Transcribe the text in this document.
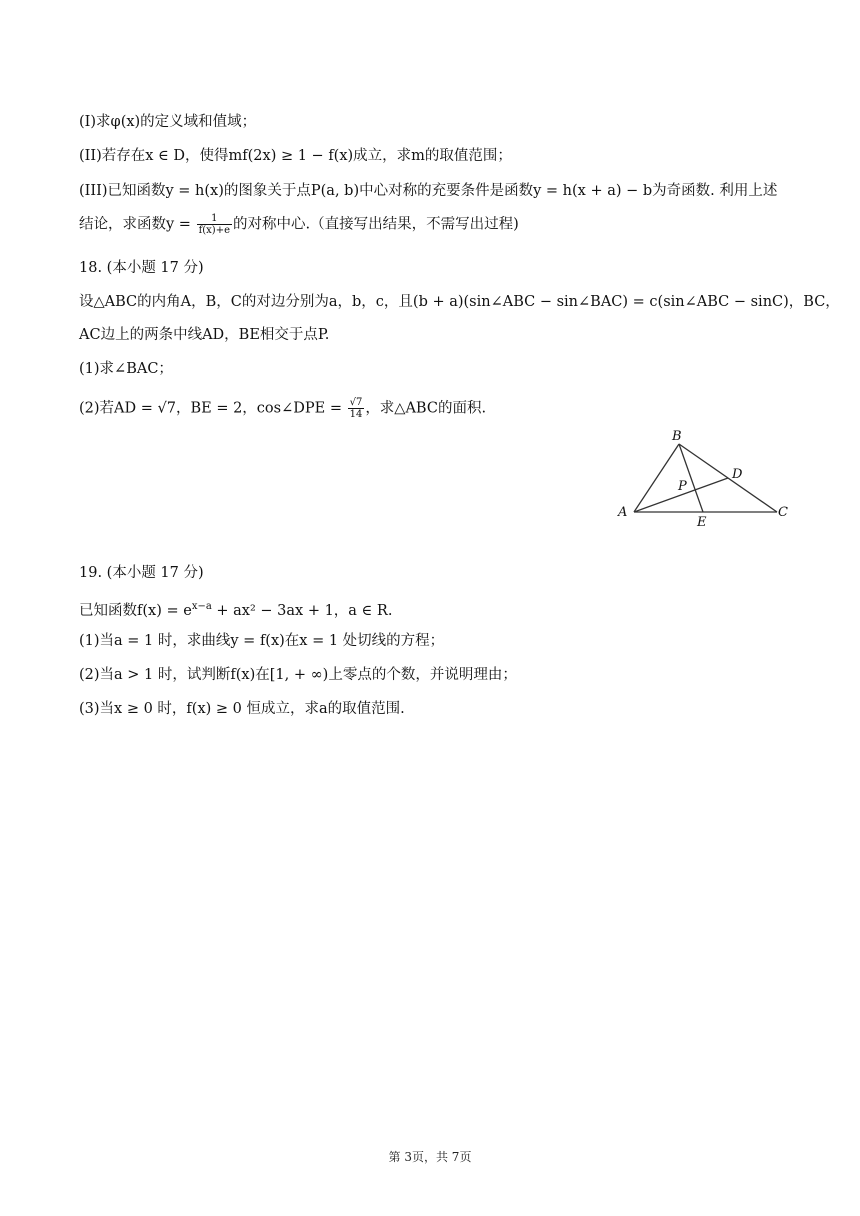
(I)求φ(x)的定义域和值域；
(II)若存在x ∈ D，使得mf(2x) ≥ 1 − f(x)成立，求m的取值范围；
(III)已知函数y = h(x)的图象关于点P(a, b)中心对称的充要条件是函数y = h(x + a) − b为奇函数. 利用上述
结论，求函数$y = \frac{1}{f(x)+e}$ 的对称中心.（直接写出结果，不需写出过程)
18. (本小题 17 分)
设△ABC的内角A，B，C的对边分别为a，b，c，且(b + a)(sin∠ABC − sin∠BAC) = c(sin∠ABC − sinC)，BC，
AC边上的两条中线AD，BE相交于点P.
(1)求∠BAC；
(2)若AD = √7，BE = 2，cos∠DPE = $\frac{√7}{14}$ ，求△ABC的面积.
B
A	C
D
E
P
19. (本小题 17 分)
已知函数$f(x) = e^{x-a} + ax^2 - 3ax + 1$，a ∈ R.
(1)当a = 1 时，求曲线y = f(x)在x = 1 处切线的方程；
(2)当a > 1 时，试判断f(x)在[1, + ∞)上零点的个数，并说明理由；
(3)当x ≥ 0 时，f(x) ≥ 0 恒成立，求a的取值范围.
第 3页，共 7页
